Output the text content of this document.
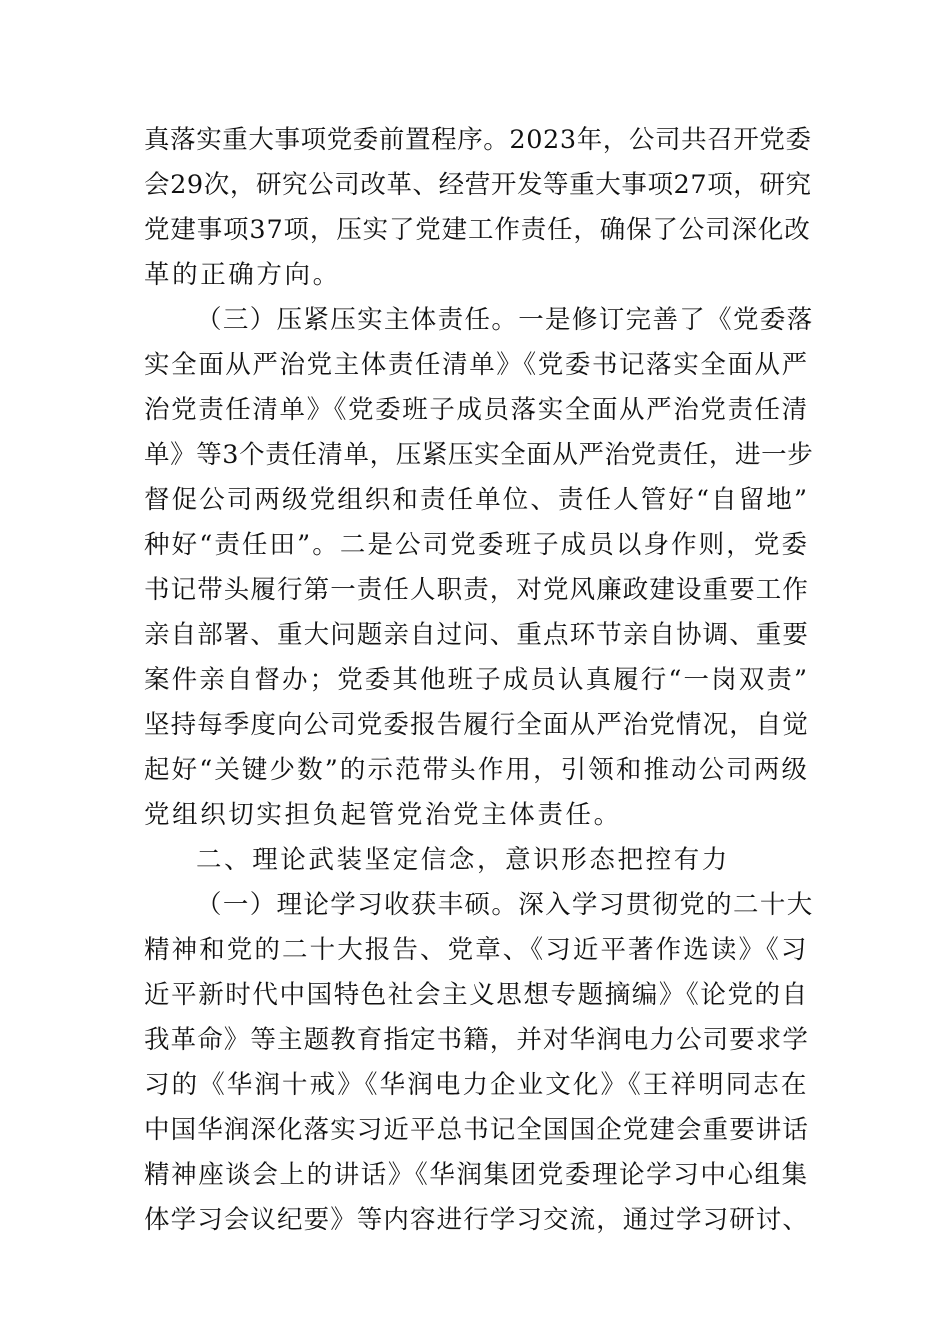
真落实重大事项党委前置程序。2023年，公司共召开党委
会29次，研究公司改革、经营开发等重大事项27项，研究
党建事项37项，压实了党建工作责任，确保了公司深化改
革的正确方向。
（三）压紧压实主体责任。一是修订完善了《党委落
实全面从严治党主体责任清单》《党委书记落实全面从严
治党责任清单》《党委班子成员落实全面从严治党责任清
单》等3个责任清单，压紧压实全面从严治党责任，进一步
督促公司两级党组织和责任单位、责任人管好“自留地”
种好“责任田”。二是公司党委班子成员以身作则，党委
书记带头履行第一责任人职责，对党风廉政建设重要工作
亲自部署、重大问题亲自过问、重点环节亲自协调、重要
案件亲自督办；党委其他班子成员认真履行“一岗双责”
坚持每季度向公司党委报告履行全面从严治党情况，自觉
起好“关键少数”的示范带头作用，引领和推动公司两级
党组织切实担负起管党治党主体责任。
二、理论武装坚定信念，意识形态把控有力
（一）理论学习收获丰硕。深入学习贯彻党的二十大
精神和党的二十大报告、党章、《习近平著作选读》《习
近平新时代中国特色社会主义思想专题摘编》《论党的自
我革命》等主题教育指定书籍，并对华润电力公司要求学
习的《华润十戒》《华润电力企业文化》《王祥明同志在
中国华润深化落实习近平总书记全国国企党建会重要讲话
精神座谈会上的讲话》《华润集团党委理论学习中心组集
体学习会议纪要》等内容进行学习交流，通过学习研讨、
